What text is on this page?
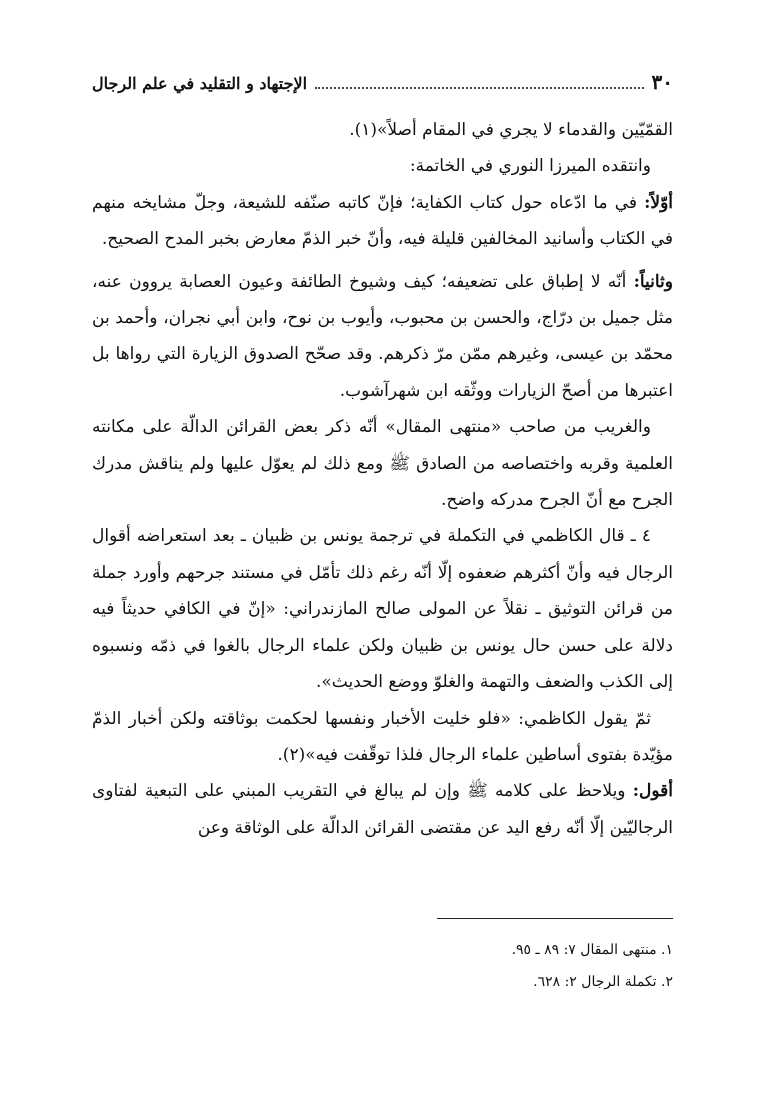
٣٠
الإجتهاد و التقليد في علم الرجال

القمّيّين والقدماء لا يجري في المقام أصلاً»(١).

وانتقده الميرزا النوري في الخاتمة:

أوّلاً: في ما ادّعاه حول كتاب الكفاية؛ فإنّ كاتبه صنّفه للشيعة، وجلّ مشايخه منهم في الكتاب وأسانيد المخالفين قليلة فيه، وأنّ خبر الذمّ معارض بخبر المدح الصحيح.

وثانياً: أنّه لا إطباق على تضعيفه؛ كيف وشيوخ الطائفة وعيون العصابة يروون عنه، مثل جميل بن درّاج، والحسن بن محبوب، وأيوب بن نوح، وابن أبي نجران، وأحمد بن محمّد بن عيسى، وغيرهم ممّن مرّ ذكرهم. وقد صحّح الصدوق الزيارة التي رواها بل اعتبرها من أصحّ الزيارات ووثّقه ابن شهرآشوب.

والغريب من صاحب «منتهى المقال» أنّه ذكر بعض القرائن الدالّة على مكانته العلمية وقربه واختصاصه من الصادق ﷺ ومع ذلك لم يعوّل عليها ولم يناقش مدرك الجرح مع أنّ الجرح مدركه واضح.

٤ ـ قال الكاظمي في التكملة في ترجمة يونس بن ظبيان ـ بعد استعراضه أقوال الرجال فيه وأنّ أكثرهم ضعفوه إلّا أنّه رغم ذلك تأمّل في مستند جرحهم وأورد جملة من قرائن التوثيق ـ نقلاً عن المولى صالح المازندراني: «إنّ في الكافي حديثاً فيه دلالة على حسن حال يونس بن ظبيان ولكن علماء الرجال بالغوا في ذمّه ونسبوه إلى الكذب والضعف والتهمة والغلوّ ووضع الحديث».

ثمّ يقول الكاظمي: «فلو خليت الأخبار ونفسها لحكمت بوثاقته ولكن أخبار الذمّ مؤيّدة بفتوى أساطين علماء الرجال فلذا توقّفت فيه»(٢).

أقول: ويلاحظ على كلامه ﷺ وإن لم يبالغ في التقريب المبني على التبعية لفتاوى الرجاليّين إلّا أنّه رفع اليد عن مقتضى القرائن الدالّة على الوثاقة وعن

١. منتهى المقال ٧: ٨٩ ـ ٩٥.
٢. تكملة الرجال ٢: ٦٢٨.
